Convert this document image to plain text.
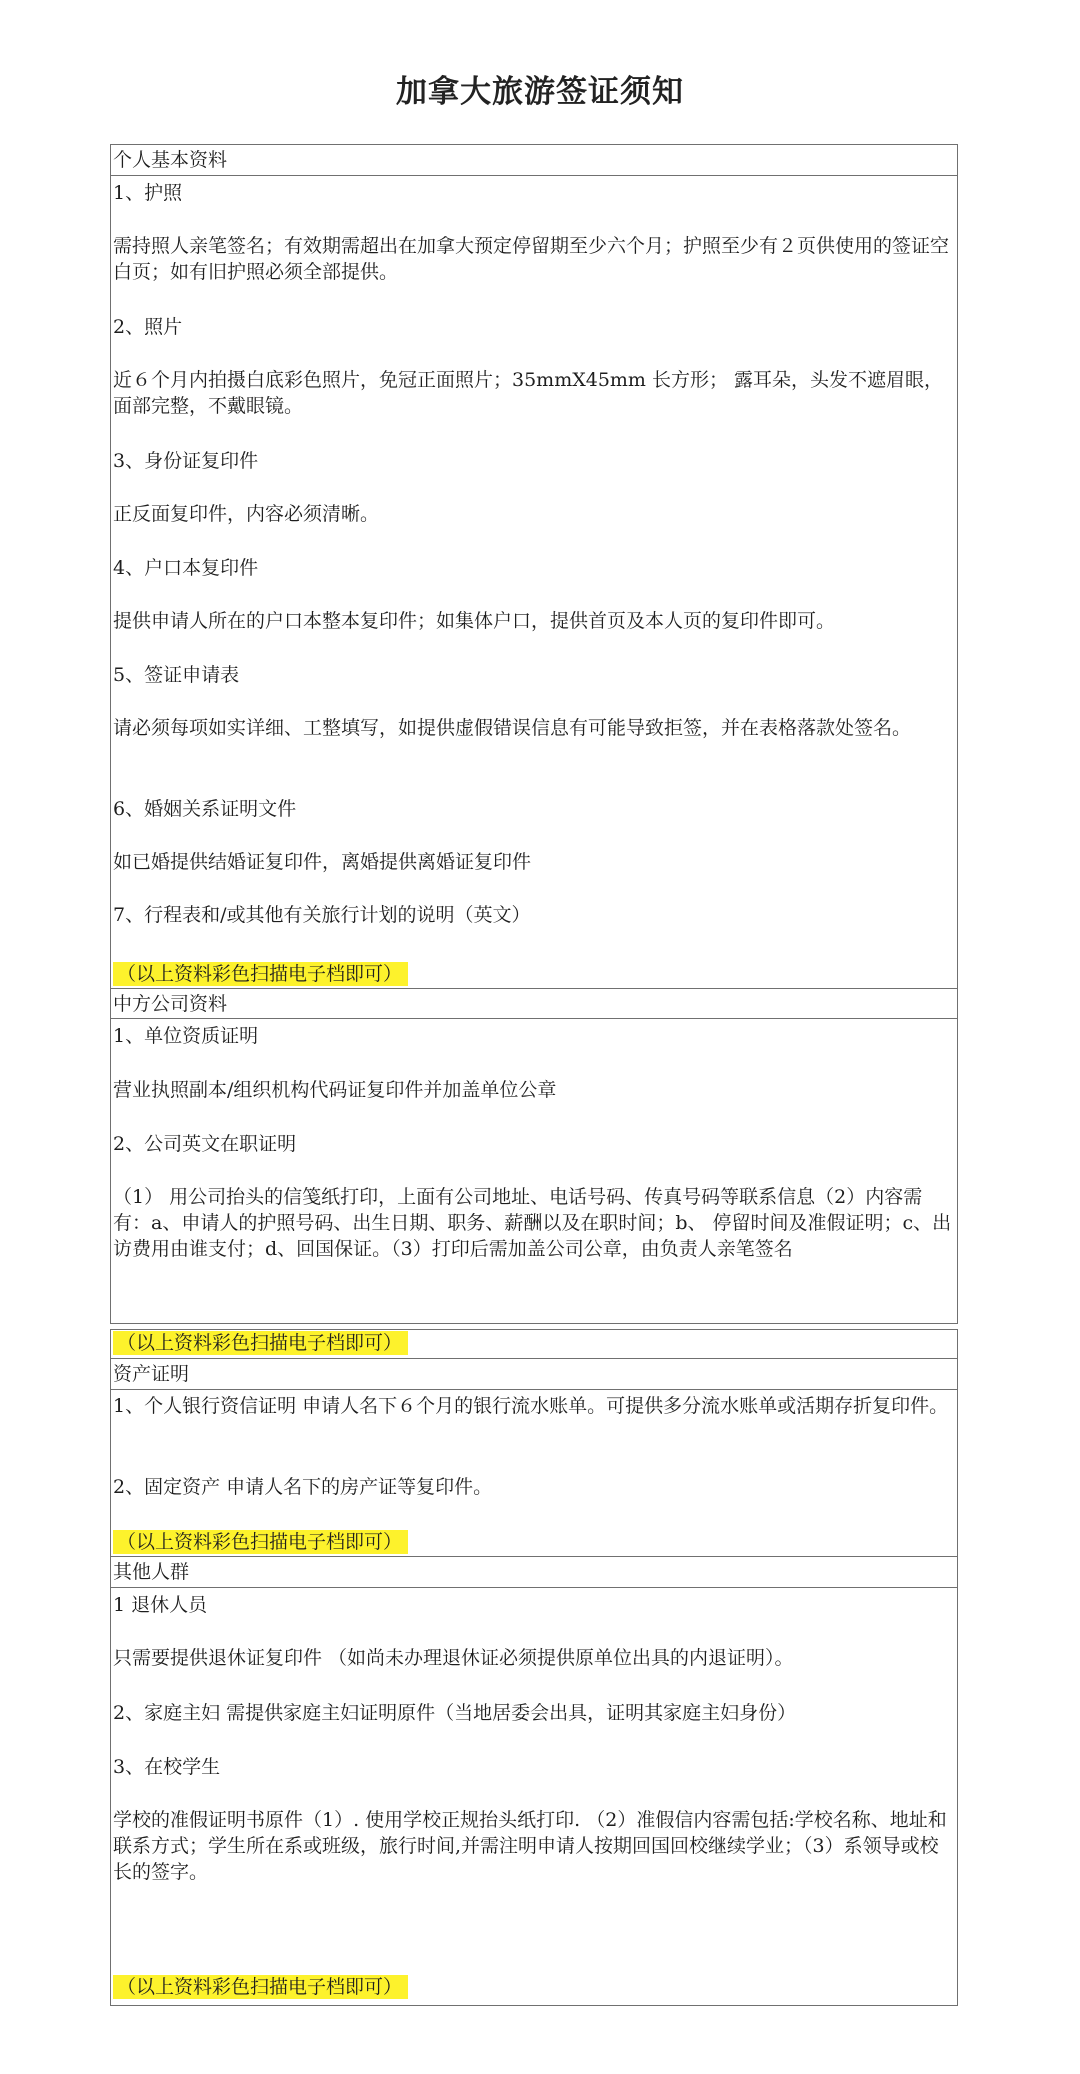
加拿大旅游签证须知
个人基本资料
1、护照
需持照人亲笔签名；有效期需超出在加拿大预定停留期至少六个月；护照至少有２页供使用的签证空白页；如有旧护照必须全部提供。
2、照片
近６个月内拍摄白底彩色照片，免冠正面照片；35mmX45mm 长方形； 露耳朵，头发不遮眉眼，面部完整，不戴眼镜。
3、身份证复印件
正反面复印件，内容必须清晰。
4、户口本复印件
提供申请人所在的户口本整本复印件；如集体户口，提供首页及本人页的复印件即可。
5、签证申请表
请必须每项如实详细、工整填写，如提供虚假错误信息有可能导致拒签，并在表格落款处签名。
6、婚姻关系证明文件
如已婚提供结婚证复印件，离婚提供离婚证复印件
7、行程表和/或其他有关旅行计划的说明（英文）
（以上资料彩色扫描电子档即可）
中方公司资料
1、单位资质证明
营业执照副本/组织机构代码证复印件并加盖单位公章
2、公司英文在职证明
（1） 用公司抬头的信笺纸打印，上面有公司地址、电话号码、传真号码等联系信息（2）内容需有：a、申请人的护照号码、出生日期、职务、薪酬以及在职时间；b、 停留时间及准假证明；c、出访费用由谁支付；d、回国保证。（3）打印后需加盖公司公章，由负责人亲笔签名
（以上资料彩色扫描电子档即可）
资产证明
1、个人银行资信证明 申请人名下６个月的银行流水账单。可提供多分流水账单或活期存折复印件。
2、固定资产 申请人名下的房产证等复印件。
（以上资料彩色扫描电子档即可）
其他人群
1 退休人员
只需要提供退休证复印件 （如尚未办理退休证必须提供原单位出具的内退证明）。
2、家庭主妇 需提供家庭主妇证明原件（当地居委会出具，证明其家庭主妇身份）
3、在校学生
学校的准假证明书原件（1）. 使用学校正规抬头纸打印. （2）准假信内容需包括:学校名称、地址和联系方式；学生所在系或班级，旅行时间,并需注明申请人按期回国回校继续学业；（3）系领导或校长的签字。
（以上资料彩色扫描电子档即可）
